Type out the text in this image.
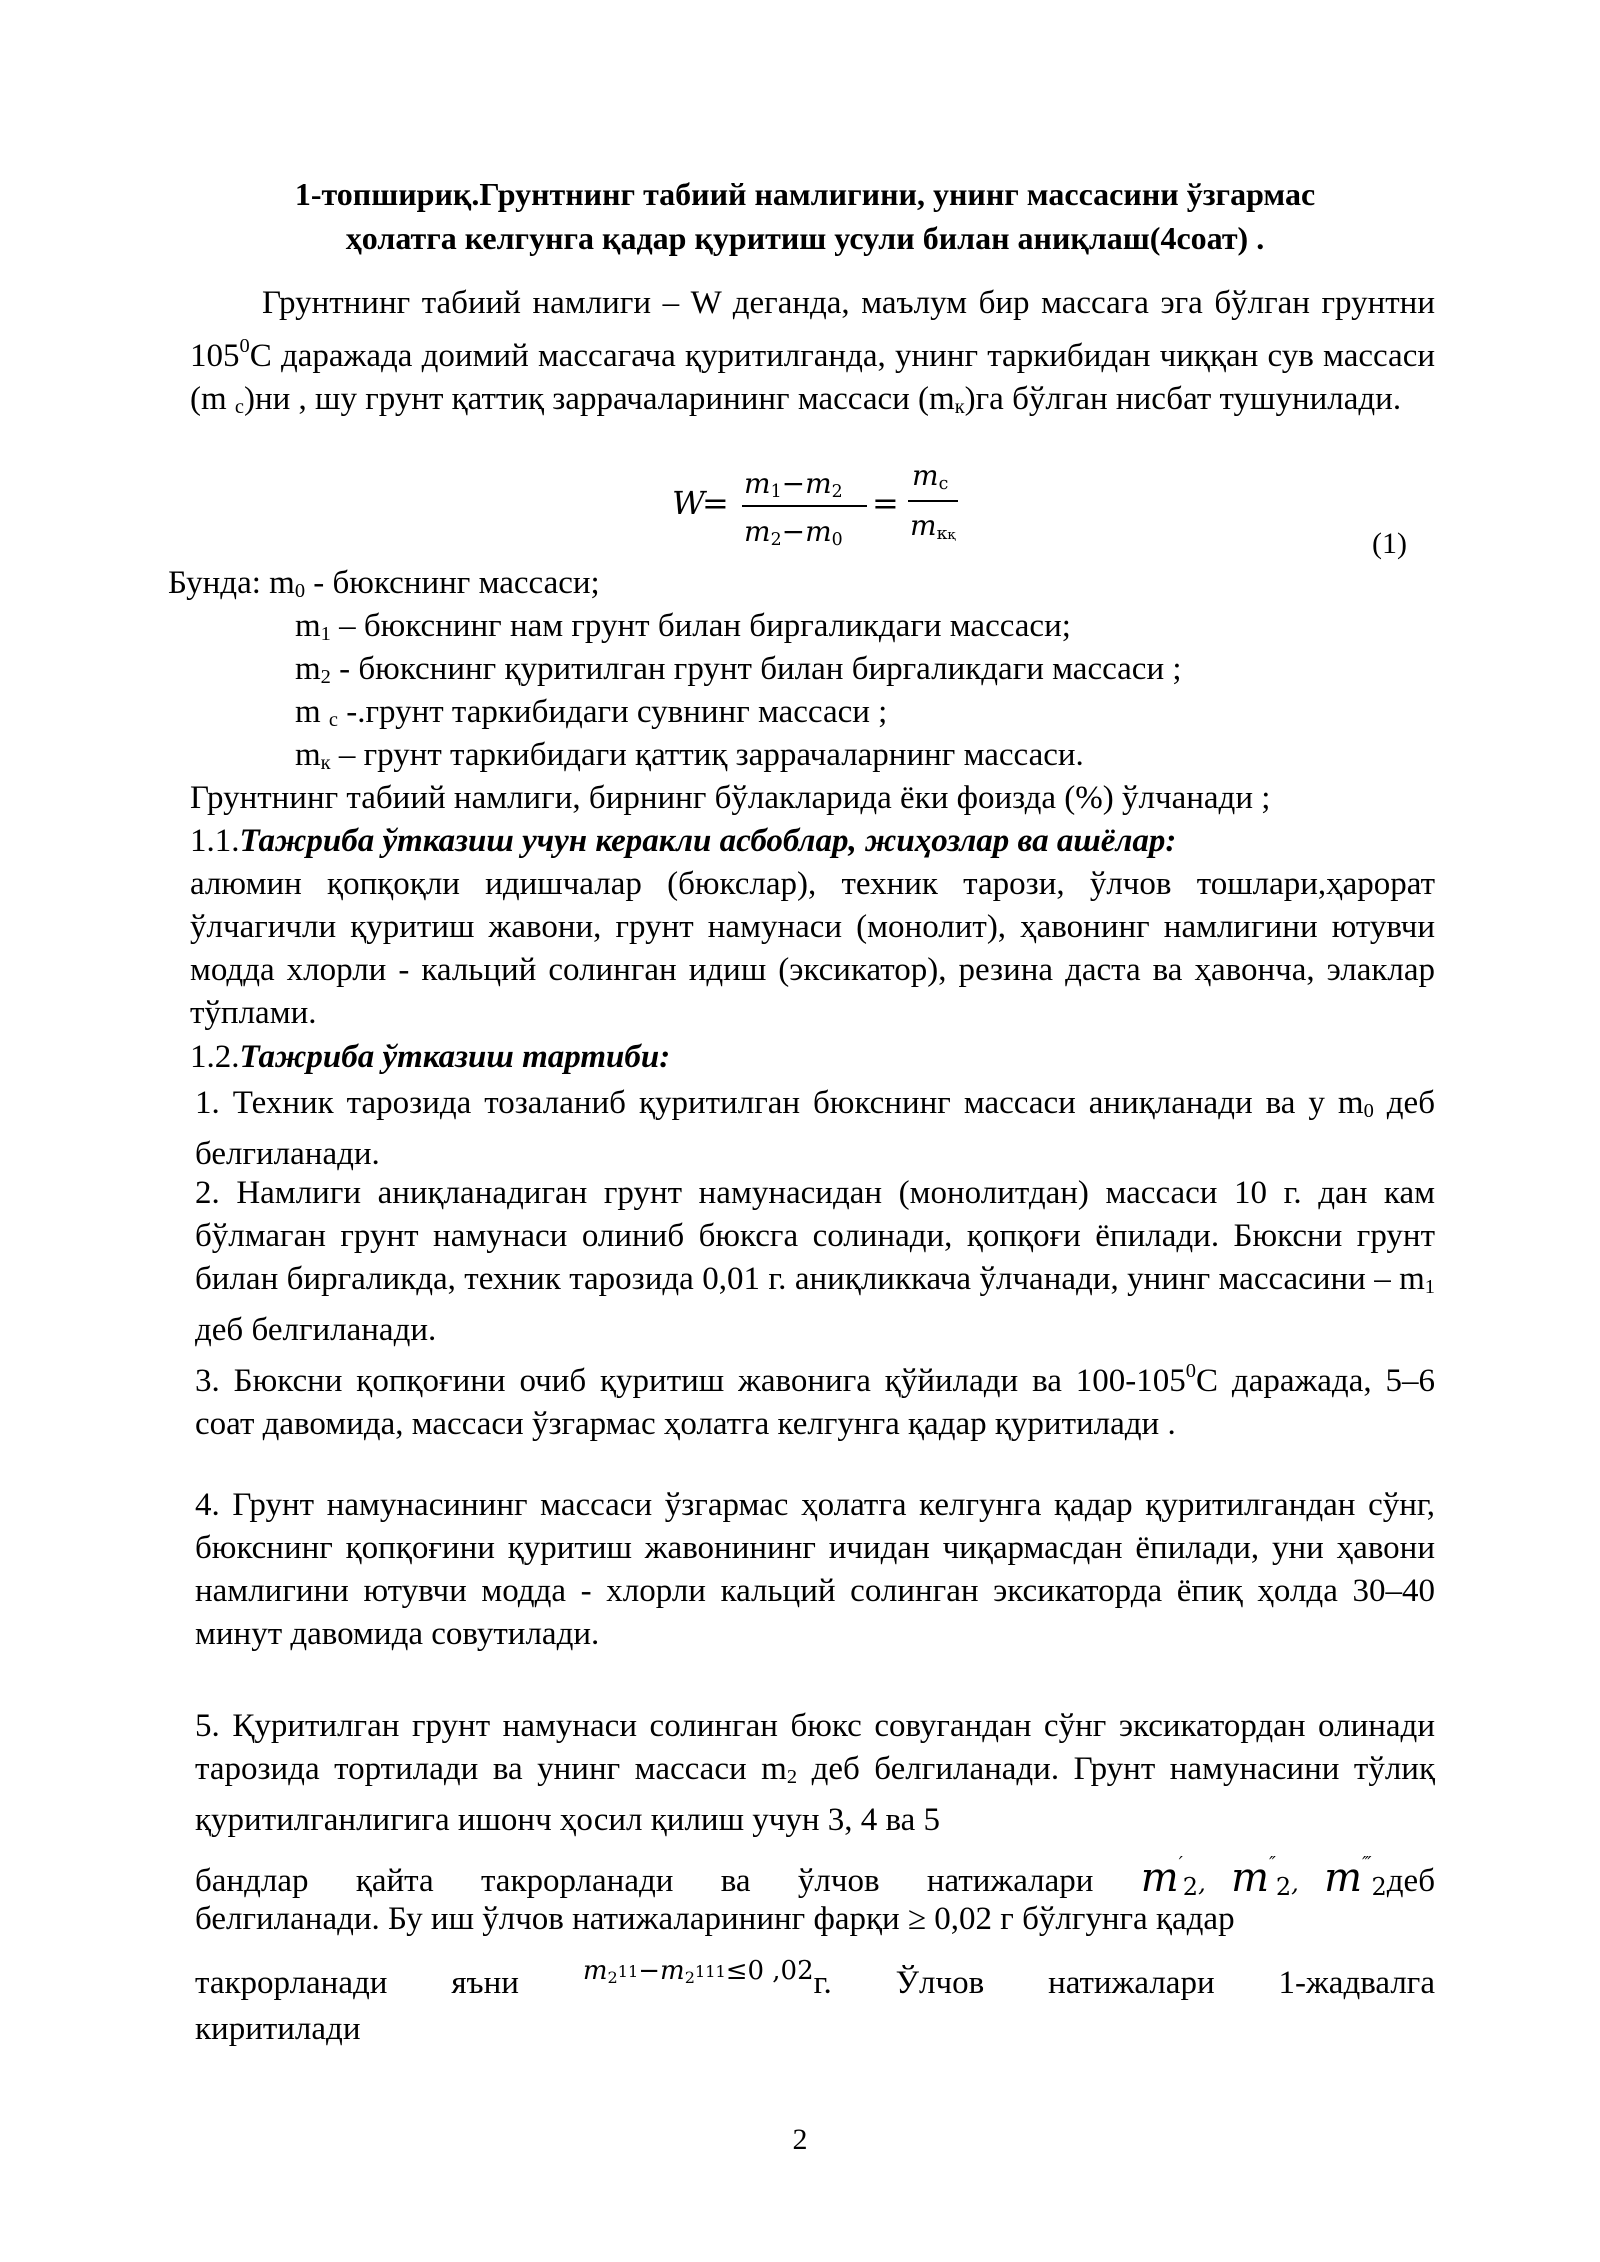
1-топшириқ.Грунтнинг табиий намлигини, унинг массасини ўзгармас
ҳолатга келгунга қадар қуритиш усули билан аниқлаш(4соат) .
Грунтнинг табиий намлиги – W деганда, маълум бир массага эга бўлган грунтни $105^0С$ даражада доимий массагача қуритилганда, унинг таркибидан чиққан сув массаси (m $_с$)ни , шу грунт қаттиқ заррачаларининг массаси $(m_к)га$ бўлган нисбат тушунилади.
W
=
$m_1-m_2$
$m_2-m_0$
=
$m_c$
$m_{кқ}$	(1)
Бунда: $m_0$ - бюкснинг массаси;
$m_1$ – бюкснинг нам грунт билан биргаликдаги массаси;
$m_2$ - бюкснинг қуритилган грунт билан биргаликдаги массаси ;
m $_с$ -.грунт таркибидаги сувнинг массаси ;
$m_к$ – грунт таркибидаги қаттиқ заррачаларнинг массаси.
Грунтнинг табиий намлиги, бирнинг бўлакларида ёки фоизда (%) ўлчанади ;
1.1.Тажриба ўтказиш учун керакли асбоблар, жиҳозлар ва ашёлар:
алюмин қопқоқли идишчалар (бюкслар), техник тарози, ўлчов тошлари,ҳарорат ўлчагичли қуритиш жавони, грунт намунаси (монолит), ҳавонинг намлигини ютувчи модда хлорли - кальций солинган идиш (эксикатор), резина даста ва ҳавонча, элаклар тўплами.
1.2.Тажриба ўтказиш тартиби:
1. Техник тарозида тозаланиб қуритилган бюкснинг массаси аниқланади ва у $m_0$ деб белгиланади.
2. Намлиги аниқланадиган грунт намунасидан (монолитдан) массаси 10 г. дан кам бўлмаган грунт намунаси олиниб бюксга солинади, қопқоғи ёпилади. Бюксни грунт билан биргаликда, техник тарозида 0,01 г. аниқликкача ўлчанади, унинг массасини – $m_1$ деб белгиланади.
3. Бюксни қопқоғини очиб қуритиш жавонига қўйилади ва $100-105^0С$ даражада, 5–6 соат давомида, массаси ўзгармас ҳолатга келгунга қадар қуритилади .
4. Грунт намунасининг массаси ўзгармас ҳолатга келгунга қадар қуритилгандан сўнг, бюкснинг қопқоғини қуритиш жавонининг ичидан чиқармасдан ёпилади, уни ҳавони намлигини ютувчи модда - хлорли кальций солинган эксикаторда ёпиқ ҳолда 30–40 минут давомида совутилади.
5. Қуритилган грунт намунаси солинган бюкс совугандан сўнг эксикатордан олинади тарозида тортилади ва унинг массаси $m_2$ деб белгиланади. Грунт намунасини тўлиқ қуритилганлигига ишонч ҳосил қилиш учун 3, 4 ва 5
бандлар қайта такрорланади ва ўлчов натижалари $m'_2$, $m''_2$, $m^‴_2деб$
белгиланади. Бу иш ўлчов натижаларининг фарқи ≥ 0,02 г бўлгунга қадар
такрорланади яъни $m_2^{11}-m_2^{111}\le 0$ ,02г. Ўлчов натижалари 1-жадвалга
киритилади
2
